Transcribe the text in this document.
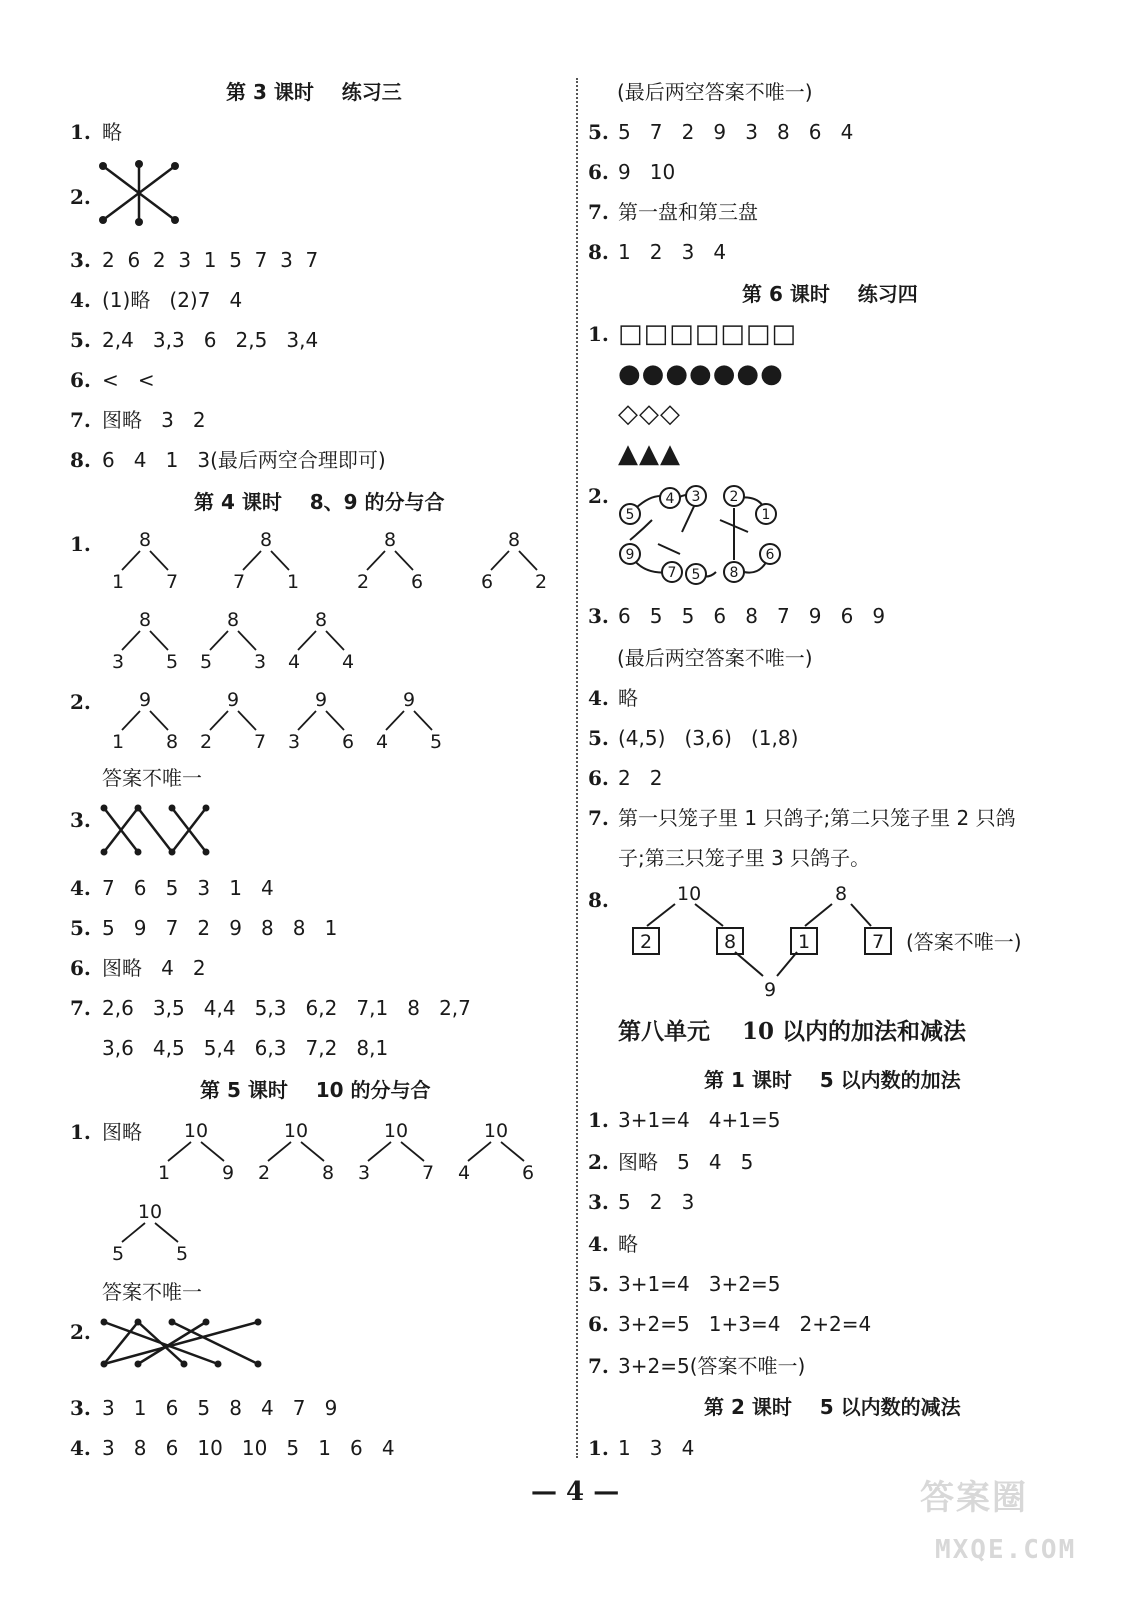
第 3 课时    练习三
1. 略
2.
3. 2  6  2  3  1  5  7  3  7
4. (1)略   (2)7   4
5. 2,4   3,3   6   2,5   3,4
6. <   <
7. 图略   3   2
8. 6   4   1   3(最后两空合理即可)
第 4 课时    8、9 的分与合
1.
2.
8
1 7
8
7 1
8
2 6
8
6 2
8
3 5
8
5 3
8
4 4
9
1 8
9
2 7
9
3 6
9
4 5
10
1	9
10
2	8
10
3	7
10
4	6
10
5	5
答案不唯一
3.
4. 7   6   5   3   1   4
5. 5   9   7   2   9   8   8   1
6. 图略   4   2
7. 2,6   3,5   4,4   5,3   6,2   7,1   8   2,7
3,6   4,5   5,4   6,3   7,2   8,1
第 5 课时    10 的分与合
1. 图略
答案不唯一
2.
3. 3   1   6   5   8   4   7   9
4. 3   8   6   10   10   5   1   6   4
(最后两空答案不唯一)
5. 5   7   2   9   3   8   6   4
6. 9   10
7. 第一盘和第三盘
8. 1   2   3   4
第 6 课时    练习四
1. □□□□□□□
●●●●●●●
◇◇◇
▲▲▲
2.
5
4 3 2
1
6
8
5
7
9
3. 6   5   5   6   8   7   9   6   9
(最后两空答案不唯一)
4. 略
5. (4,5)   (3,6)   (1,8)
6. 2   2
7. 第一只笼子里 1 只鸽子;第二只笼子里 2 只鸽
子;第三只笼子里 3 只鸽子。
8.	10	8
9
2	8	1	7 (答案不唯一)
第八单元    10 以内的加法和减法
第 1 课时    5 以内数的加法
1. 3+1=4   4+1=5
2. 图略   5   4   5
3. 5   2   3
4. 略
5. 3+1=4   3+2=5
6. 3+2=5   1+3=4   2+2=4
7. 3+2=5(答案不唯一)
第 2 课时    5 以内数的减法
1. 1   3   4
— 4 —	答案圈
MXQE.COM
